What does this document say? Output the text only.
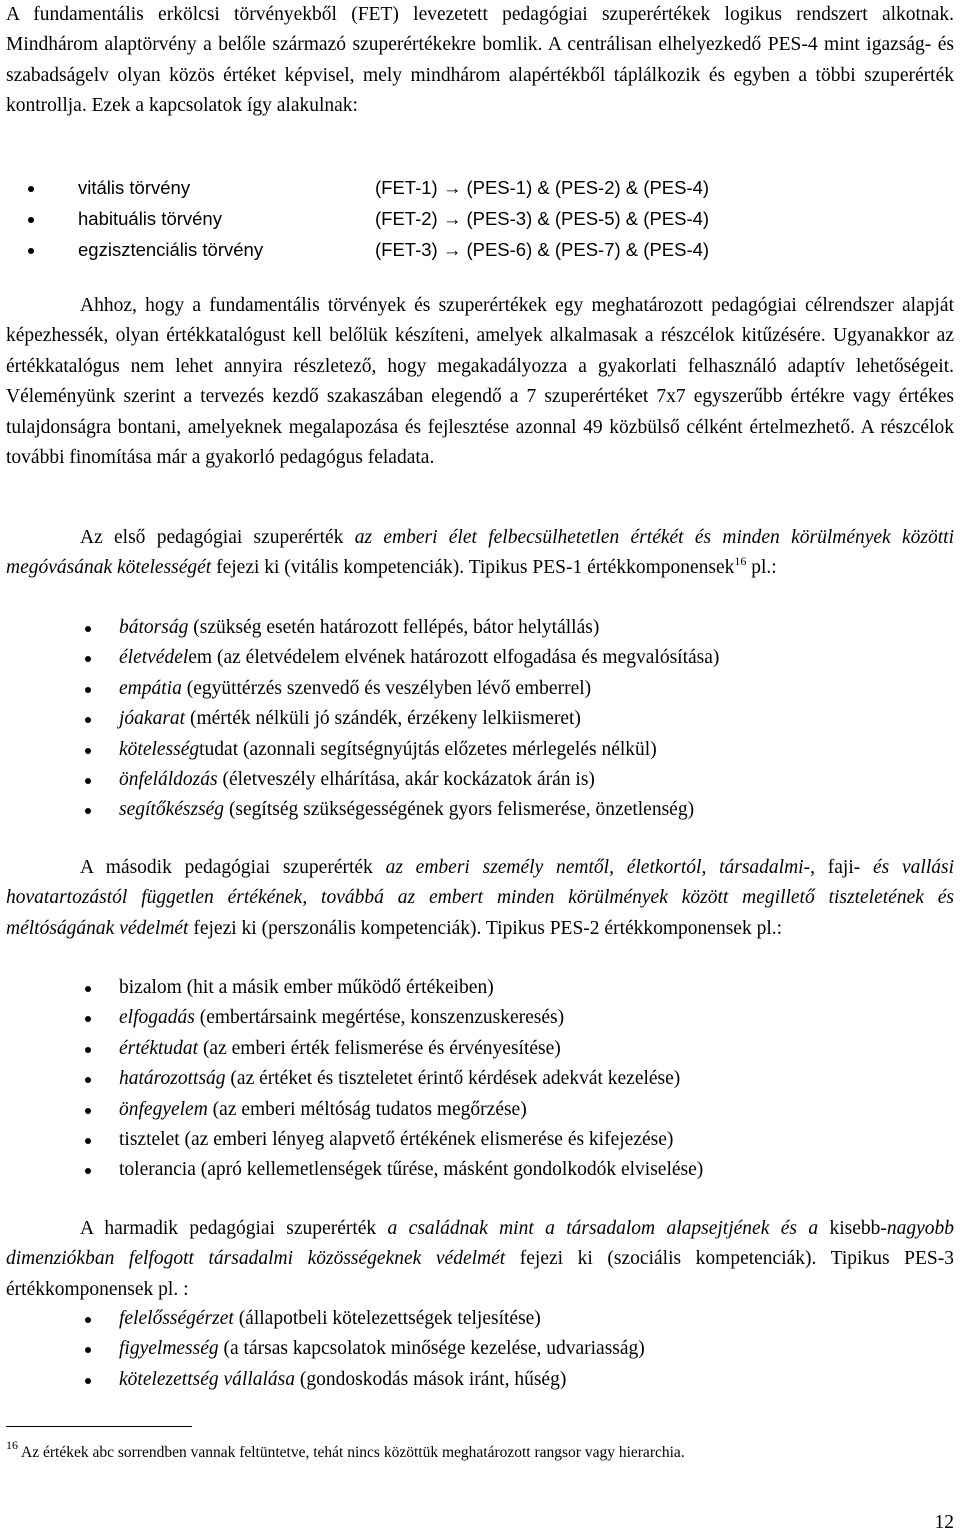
A fundamentális erkölcsi törvényekből (FET) levezetett pedagógiai szuperértékek logikus rendszert alkotnak. Mindhárom alaptörvény a belőle származó szuperértékekre bomlik. A centrálisan elhelyezkedő PES-4 mint igazság- és szabadságelv olyan közös értéket képvisel, mely mindhárom alapértékből táplálkozik és egyben a többi szuperérték kontrollja. Ezek a kapcsolatok így alakulnak:

vitális törvény	(FET-1) → (PES-1) & (PES-2) & (PES-4)
habituális törvény	(FET-2) → (PES-3) & (PES-5) & (PES-4)
egzisztenciális törvény	(FET-3) → (PES-6) & (PES-7) & (PES-4)

Ahhoz, hogy a fundamentális törvények és szuperértékek egy meghatározott pedagógiai célrendszer alapját képezhessék, olyan értékkatalógust kell belőlük készíteni, amelyek alkalmasak a részcélok kitűzésére. Ugyanakkor az értékkatalógus nem lehet annyira részletező, hogy megakadályozza a gyakorlati felhasználó adaptív lehetőségeit. Véleményünk szerint a tervezés kezdő szakaszában elegendő a 7 szuperértéket 7x7 egyszerűbb értékre vagy értékes tulajdonságra bontani, amelyeknek megalapozása és fejlesztése azonnal 49 közbülső célként értelmezhető. A részcélok további finomítása már a gyakorló pedagógus feladata.

Az első pedagógiai szuperérték az emberi élet felbecsülhetetlen értékét és minden körülmények közötti megóvásának kötelességét fejezi ki (vitális kompetenciák). Tipikus PES-1 értékkomponensek$^{16}$ pl.:

bátorság (szükség esetén határozott fellépés, bátor helytállás)
életvédelem (az életvédelem elvének határozott elfogadása és megvalósítása)
empátia (együttérzés szenvedő és veszélyben lévő emberrel)
jóakarat (mérték nélküli jó szándék, érzékeny lelkiismeret)
kötelességtudat (azonnali segítségnyújtás előzetes mérlegelés nélkül)
önfeláldozás (életveszély elhárítása, akár kockázatok árán is)
segítőkészség (segítség szükségességének gyors felismerése, önzetlenség)

A második pedagógiai szuperérték az emberi személy nemtől, életkortól, társadalmi-, faji- és vallási hovatartozástól független értékének, továbbá az embert minden körülmények között megillető tiszteletének és méltóságának védelmét fejezi ki (perszonális kompetenciák). Tipikus PES-2 értékkomponensek pl.:

bizalom (hit a másik ember működő értékeiben)
elfogadás (embertársaink megértése, konszenzuskeresés)
értéktudat (az emberi érték felismerése és érvényesítése)
határozottság (az értéket és tiszteletet érintő kérdések adekvát kezelése)
önfegyelem (az emberi méltóság tudatos megőrzése)
tisztelet (az emberi lényeg alapvető értékének elismerése és kifejezése)
tolerancia (apró kellemetlenségek tűrése, másként gondolkodók elviselése)

A harmadik pedagógiai szuperérték a családnak mint a társadalom alapsejtjének és a kisebb-nagyobb dimenziókban felfogott társadalmi közösségeknek védelmét fejezi ki (szociális kompetenciák). Tipikus PES-3 értékkomponensek pl. :

felelősségérzet (állapotbeli kötelezettségek teljesítése)
figyelmesség (a társas kapcsolatok minősége kezelése, udvariasság)
kötelezettség vállalása (gondoskodás mások iránt, hűség)
$^{16}$ Az értékek abc sorrendben vannak feltüntetve, tehát nincs közöttük meghatározott rangsor vagy hierarchia.
12
